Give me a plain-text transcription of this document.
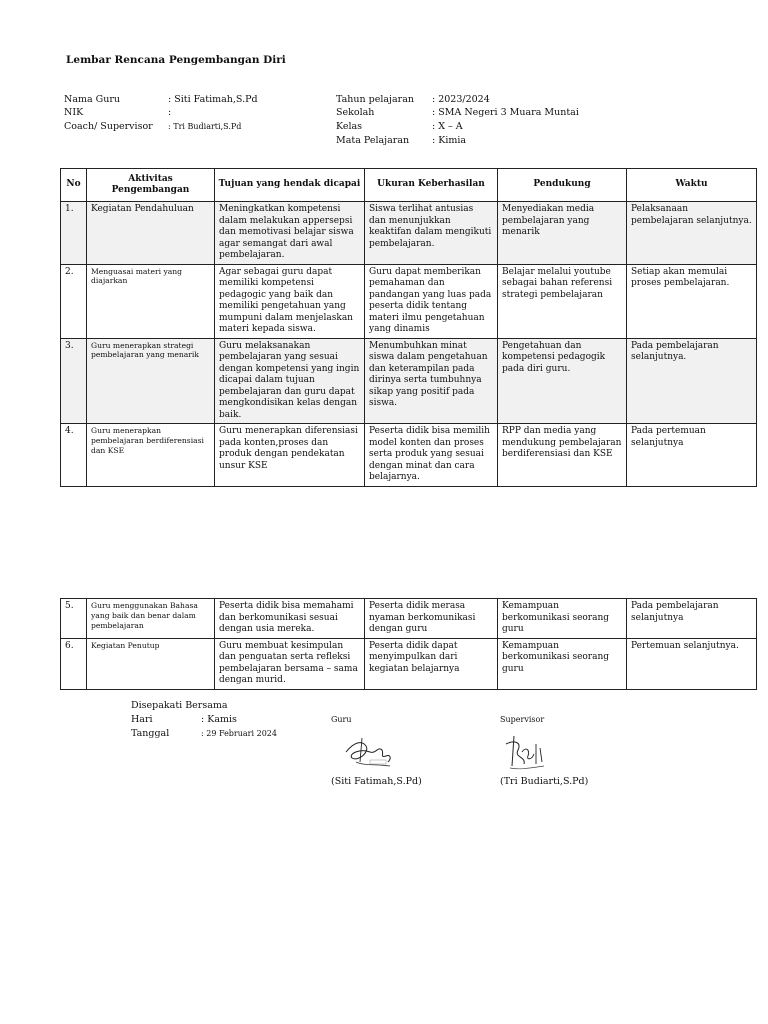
Lembar Rencana Pengembangan Diri
Nama Guru	: Siti Fatimah,S.Pd
NIK	:
Coach/ Supervisor : Tri Budiarti,S.Pd
Tahun pelajaran : 2023/2024
Sekolah	: SMA Negeri 3 Muara Muntai
Kelas	: X – A
Mata Pelajaran : Kimia
No	Aktivitas Pengembangan	Tujuan yang hendak dicapai	Ukuran Keberhasilan	Pendukung	Waktu
1.	Kegiatan Pendahuluan	Meningkatkan kompetensi dalam melakukan appersepsi dan memotivasi belajar siswa agar semangat dari awal pembelajaran.	Siswa terlihat antusias dan menunjukkan keaktifan dalam mengikuti pembelajaran.	Menyediakan media pembelajaran yang menarik	Pelaksanaan pembelajaran selanjutnya.
2.	Menguasai materi yang diajarkan	Agar sebagai guru dapat memiliki kompetensi pedagogic yang baik dan memiliki pengetahuan yang mumpuni dalam menjelaskan materi kepada siswa.	Guru dapat memberikan pemahaman dan pandangan yang luas pada peserta didik tentang materi ilmu pengetahuan yang dinamis	Belajar melalui youtube sebagai bahan referensi strategi pembelajaran	Setiap akan memulai proses pembelajaran.
3.	Guru menerapkan strategi pembelajaran yang menarik	Guru melaksanakan pembelajaran yang sesuai dengan kompetensi yang ingin dicapai dalam tujuan pembelajaran dan guru dapat mengkondisikan kelas dengan baik.	Menumbuhkan minat siswa dalam pengetahuan dan keterampilan pada dirinya serta tumbuhnya sikap yang positif pada siswa.	Pengetahuan dan kompetensi pedagogik pada diri guru.	Pada pembelajaran selanjutnya.
4.	Guru menerapkan pembelajaran berdiferensiasi dan KSE	Guru menerapkan diferensiasi pada konten,proses dan produk dengan pendekatan unsur KSE	Peserta didik bisa memilih model konten dan proses serta produk yang sesuai dengan minat dan cara belajarnya.	RPP dan media yang mendukung pembelajaran berdiferensiasi dan KSE	Pada pertemuan selanjutnya
5.	Guru menggunakan Bahasa yang baik dan benar dalam pembelajaran	Peserta didik bisa memahami dan berkomunikasi sesuai dengan usia mereka.	Peserta didik merasa nyaman berkomunikasi dengan guru	Kemampuan berkomunikasi seorang guru	Pada pembelajaran selanjutnya
6.	Kegiatan Penutup	Guru membuat kesimpulan dan penguatan serta refleksi pembelajaran bersama – sama dengan murid.	Peserta didik dapat menyimpulkan dari kegiatan belajarnya	Kemampuan berkomunikasi seorang guru	Pertemuan selanjutnya.
Disepakati Bersama
Hari	: Kamis
Tanggal	: 29 Februari 2024
Guru	Supervisor
(Siti Fatimah,S.Pd)	(Tri Budiarti,S.Pd)
